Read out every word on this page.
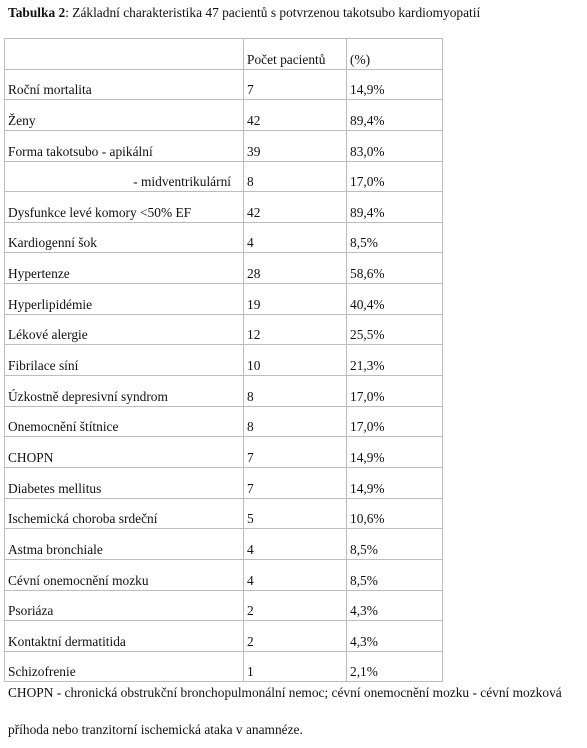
Tabulka 2: Základní charakteristika 47 pacientů s potvrzenou takotsubo kardiomyopatií
	Počet pacientů	(%)
Roční mortalita	7	14,9%
Ženy	42	89,4%
Forma takotsubo - apikální	39	83,0%
- midventrikulární	8	17,0%
Dysfunkce levé komory <50% EF	42	89,4%
Kardiogenní šok	4	8,5%
Hypertenze	28	58,6%
Hyperlipidémie	19	40,4%
Lékové alergie	12	25,5%
Fibrilace síní	10	21,3%
Úzkostně depresivní syndrom	8	17,0%
Onemocnění štítnice	8	17,0%
CHOPN	7	14,9%
Diabetes mellitus	7	14,9%
Ischemická choroba srdeční	5	10,6%
Astma bronchiale	4	8,5%
Cévní onemocnění mozku	4	8,5%
Psoriáza	2	4,3%
Kontaktní dermatitida	2	4,3%
Schizofrenie	1	2,1%
CHOPN - chronická obstrukční bronchopulmonální nemoc; cévní onemocnění mozku - cévní mozková příhoda nebo tranzitorní ischemická ataka v anamnéze.
